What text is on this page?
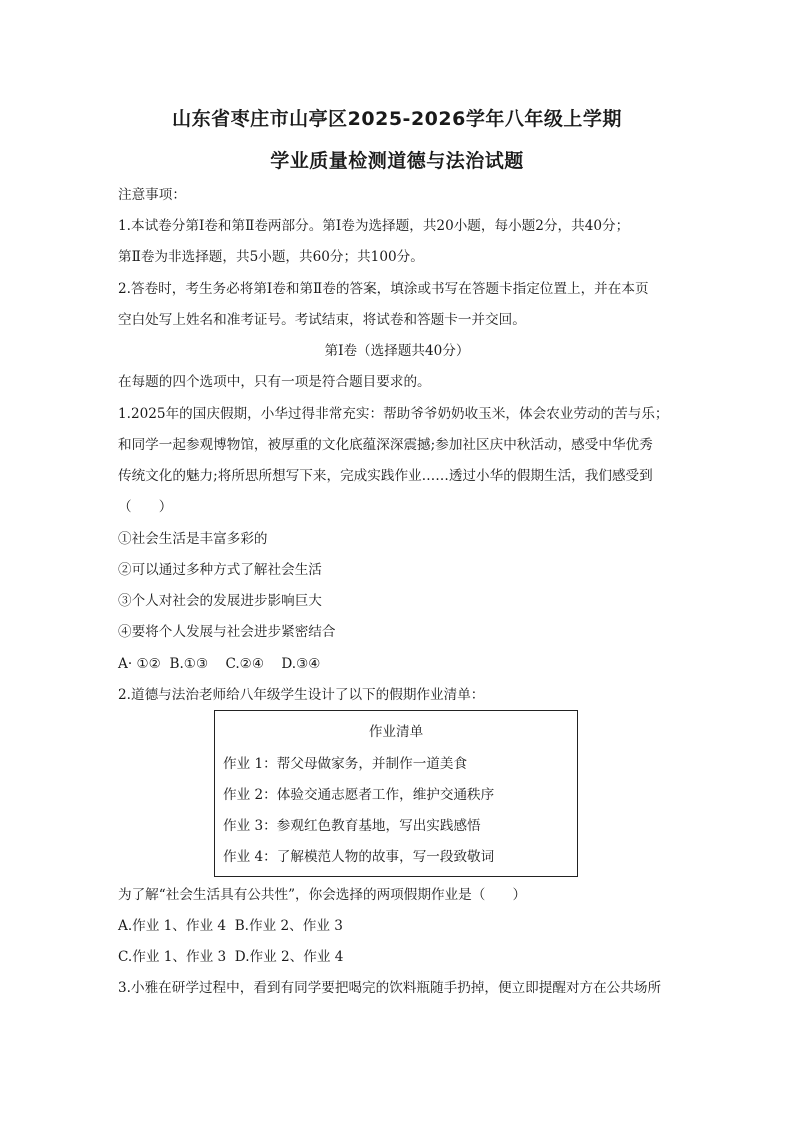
山东省枣庄市山亭区2025-2026学年八年级上学期
学业质量检测道德与法治试题
注意事项：
1.本试卷分第Ⅰ卷和第Ⅱ卷两部分。第Ⅰ卷为选择题，共20小题，每小题2分，共40分；
第Ⅱ卷为非选择题，共5小题，共60分；共100分。
2.答卷时，考生务必将第Ⅰ卷和第Ⅱ卷的答案，填涂或书写在答题卡指定位置上，并在本页
空白处写上姓名和准考证号。考试结束，将试卷和答题卡一并交回。
第Ⅰ卷（选择题共40分）
在每题的四个选项中，只有一项是符合题目要求的。
1.2025年的国庆假期，小华过得非常充实：帮助爷爷奶奶收玉米，体会农业劳动的苦与乐；
和同学一起参观博物馆，被厚重的文化底蕴深深震撼;参加社区庆中秋活动，感受中华优秀
传统文化的魅力;将所思所想写下来，完成实践作业……透过小华的假期生活，我们感受到
（　　）
①社会生活是丰富多彩的
②可以通过多种方式了解社会生活
③个人对社会的发展进步影响巨大
④要将个人发展与社会进步紧密结合
A· ①②  B.①③    C.②④    D.③④
2.道德与法治老师给八年级学生设计了以下的假期作业清单：
作业清单
作业 1：帮父母做家务，并制作一道美食
作业 2：体验交通志愿者工作，维护交通秩序
作业 3：参观红色教育基地，写出实践感悟
作业 4：了解模范人物的故事，写一段致敬词
为了解“社会生活具有公共性”，你会选择的两项假期作业是（　　）
A.作业 1、作业 4  B.作业 2、作业 3
C.作业 1、作业 3  D.作业 2、作业 4
3.小雅在研学过程中，看到有同学要把喝完的饮料瓶随手扔掉，便立即提醒对方在公共场所
